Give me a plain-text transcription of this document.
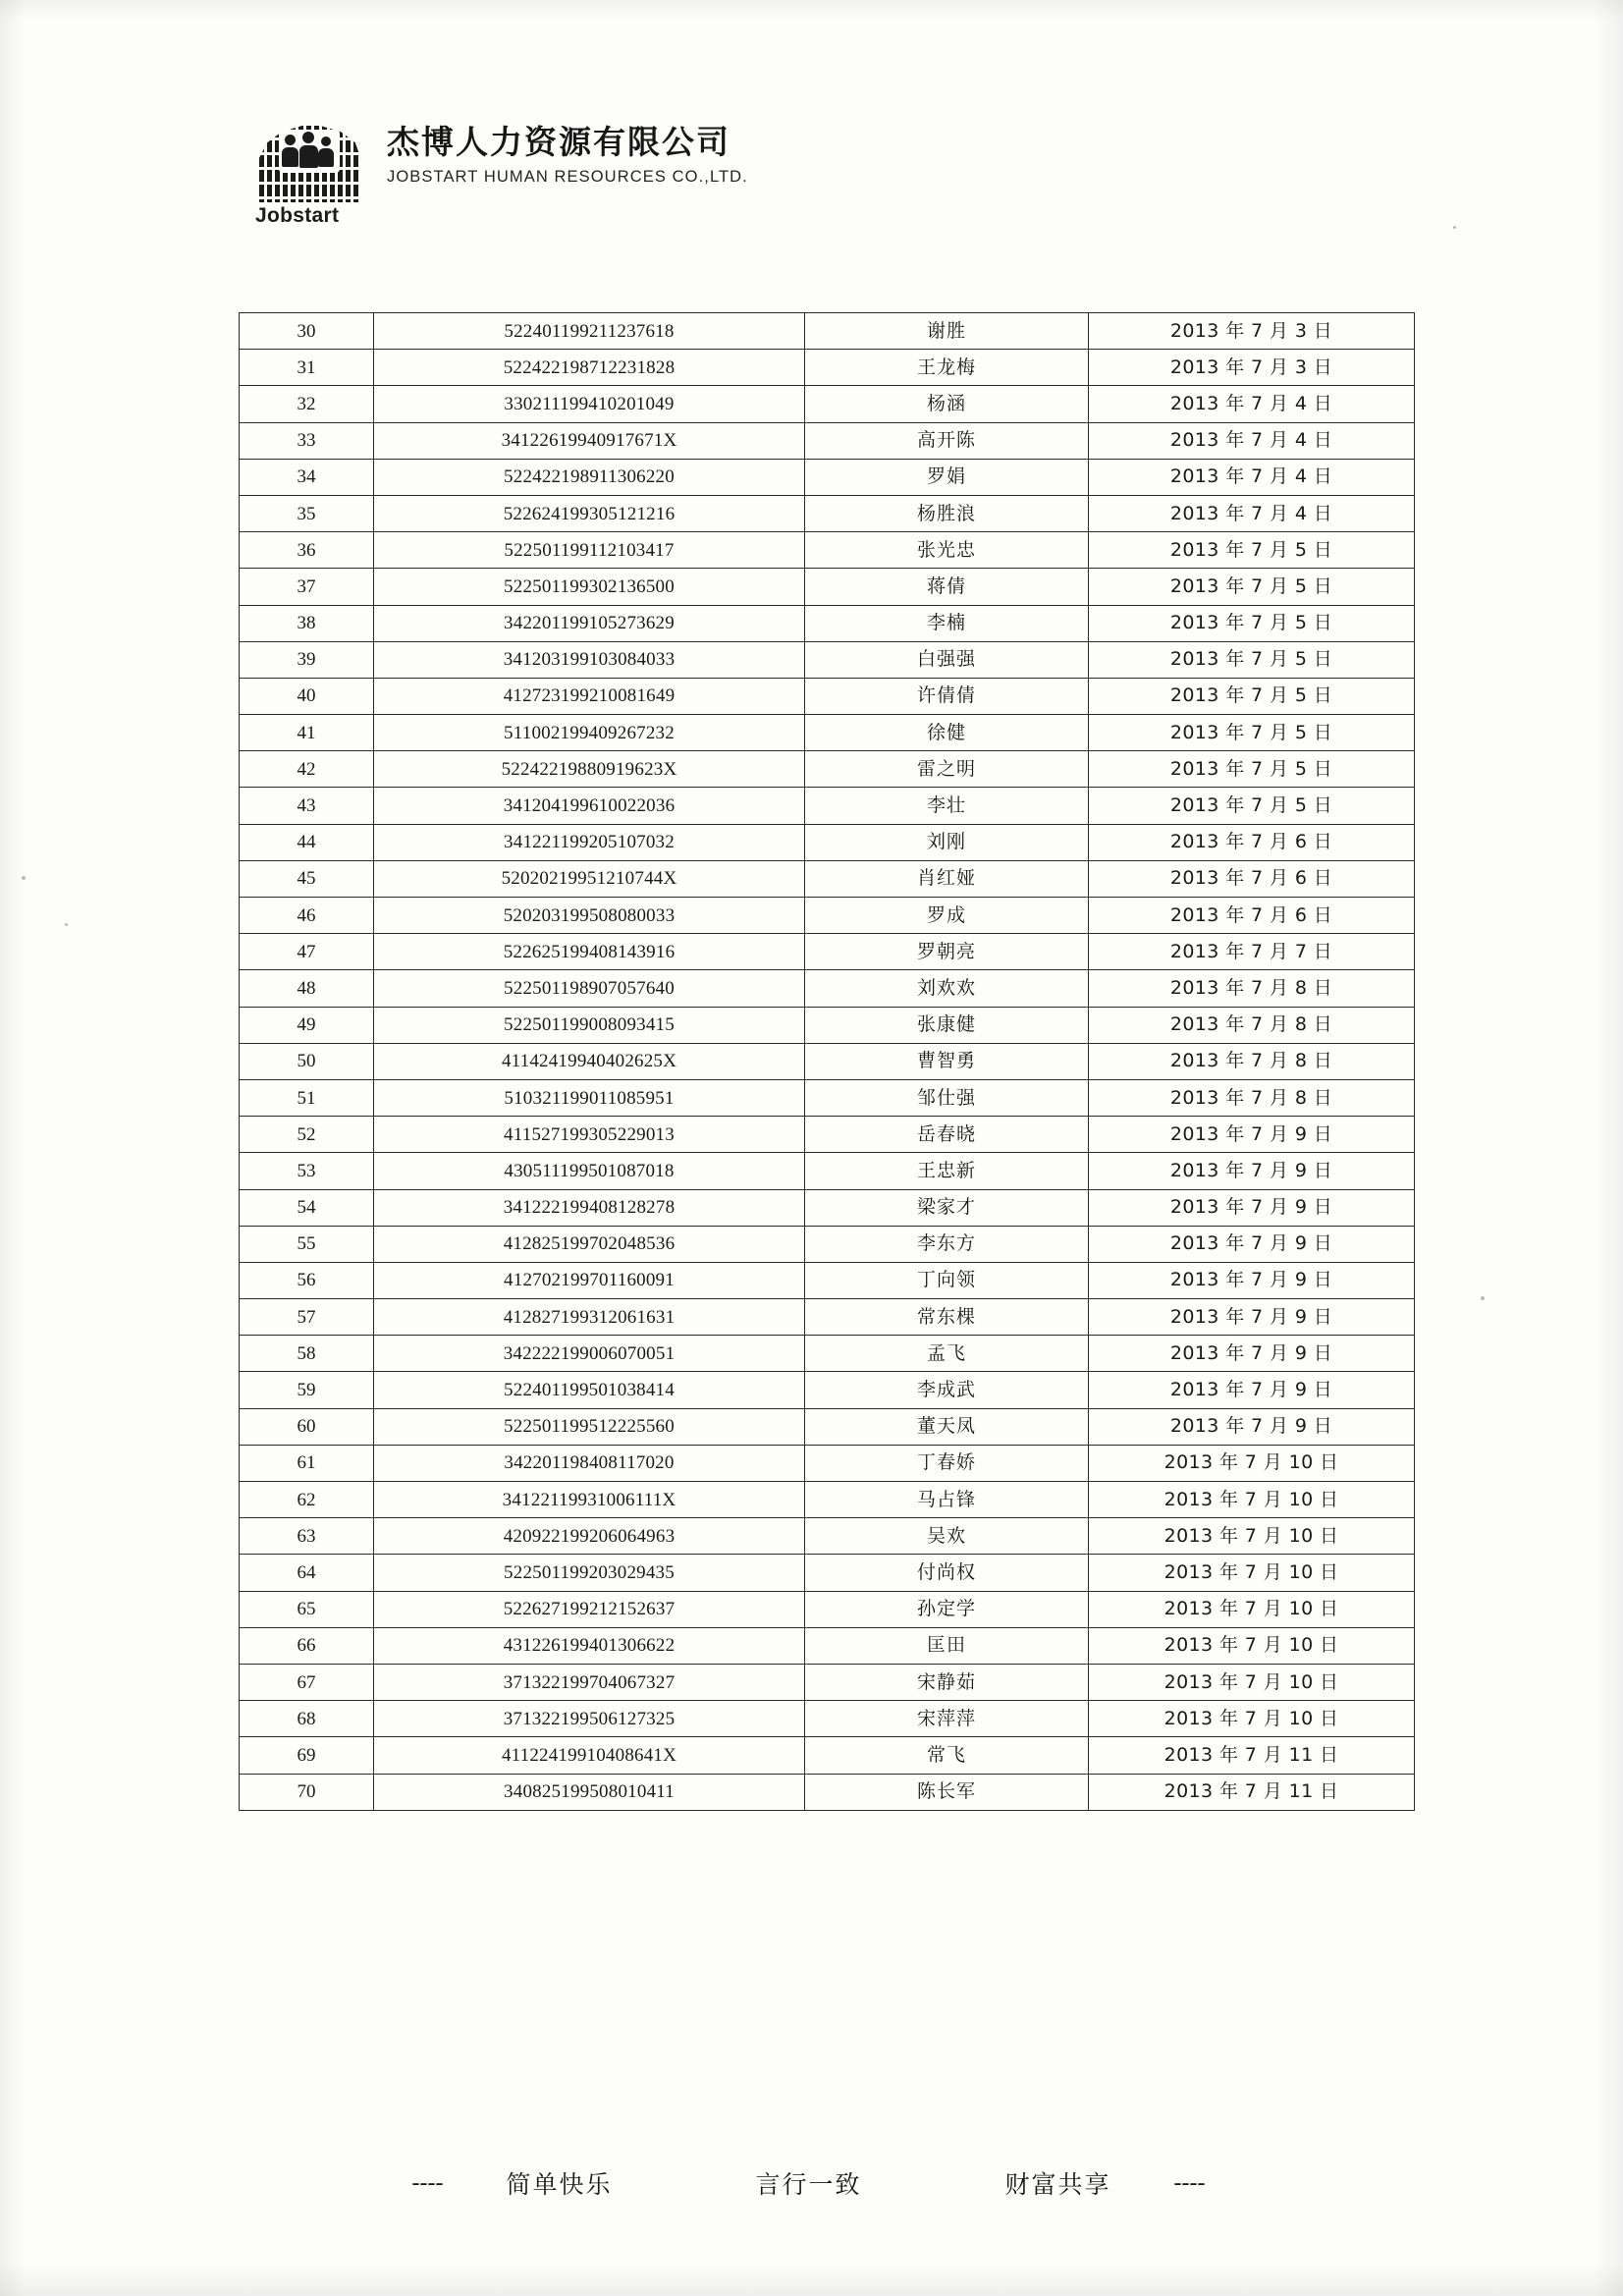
Jobstart
杰博人力资源有限公司
JOBSTART HUMAN RESOURCES CO.,LTD.
30	522401199211237618	谢胜	2013 年 7 月 3 日
31	522422198712231828	王龙梅	2013 年 7 月 3 日
32	330211199410201049	杨涵	2013 年 7 月 4 日
33	34122619940917671X	高开陈	2013 年 7 月 4 日
34	522422198911306220	罗娟	2013 年 7 月 4 日
35	522624199305121216	杨胜浪	2013 年 7 月 4 日
36	522501199112103417	张光忠	2013 年 7 月 5 日
37	522501199302136500	蒋倩	2013 年 7 月 5 日
38	342201199105273629	李楠	2013 年 7 月 5 日
39	341203199103084033	白强强	2013 年 7 月 5 日
40	412723199210081649	许倩倩	2013 年 7 月 5 日
41	511002199409267232	徐健	2013 年 7 月 5 日
42	52242219880919623X	雷之明	2013 年 7 月 5 日
43	341204199610022036	李壮	2013 年 7 月 5 日
44	341221199205107032	刘刚	2013 年 7 月 6 日
45	52020219951210744X	肖红娅	2013 年 7 月 6 日
46	520203199508080033	罗成	2013 年 7 月 6 日
47	522625199408143916	罗朝亮	2013 年 7 月 7 日
48	522501198907057640	刘欢欢	2013 年 7 月 8 日
49	522501199008093415	张康健	2013 年 7 月 8 日
50	41142419940402625X	曹智勇	2013 年 7 月 8 日
51	510321199011085951	邹仕强	2013 年 7 月 8 日
52	411527199305229013	岳春晓	2013 年 7 月 9 日
53	430511199501087018	王忠新	2013 年 7 月 9 日
54	341222199408128278	梁家才	2013 年 7 月 9 日
55	412825199702048536	李东方	2013 年 7 月 9 日
56	412702199701160091	丁向领	2013 年 7 月 9 日
57	412827199312061631	常东棵	2013 年 7 月 9 日
58	342222199006070051	孟飞	2013 年 7 月 9 日
59	522401199501038414	李成武	2013 年 7 月 9 日
60	522501199512225560	董天凤	2013 年 7 月 9 日
61	342201198408117020	丁春娇	2013 年 7 月 10 日
62	34122119931006111X	马占锋	2013 年 7 月 10 日
63	420922199206064963	吴欢	2013 年 7 月 10 日
64	522501199203029435	付尚权	2013 年 7 月 10 日
65	522627199212152637	孙定学	2013 年 7 月 10 日
66	431226199401306622	匡田	2013 年 7 月 10 日
67	371322199704067327	宋静茹	2013 年 7 月 10 日
68	371322199506127325	宋萍萍	2013 年 7 月 10 日
69	41122419910408641X	常飞	2013 年 7 月 11 日
70	340825199508010411	陈长军	2013 年 7 月 11 日
----	简单快乐	言行一致	财富共享	----
